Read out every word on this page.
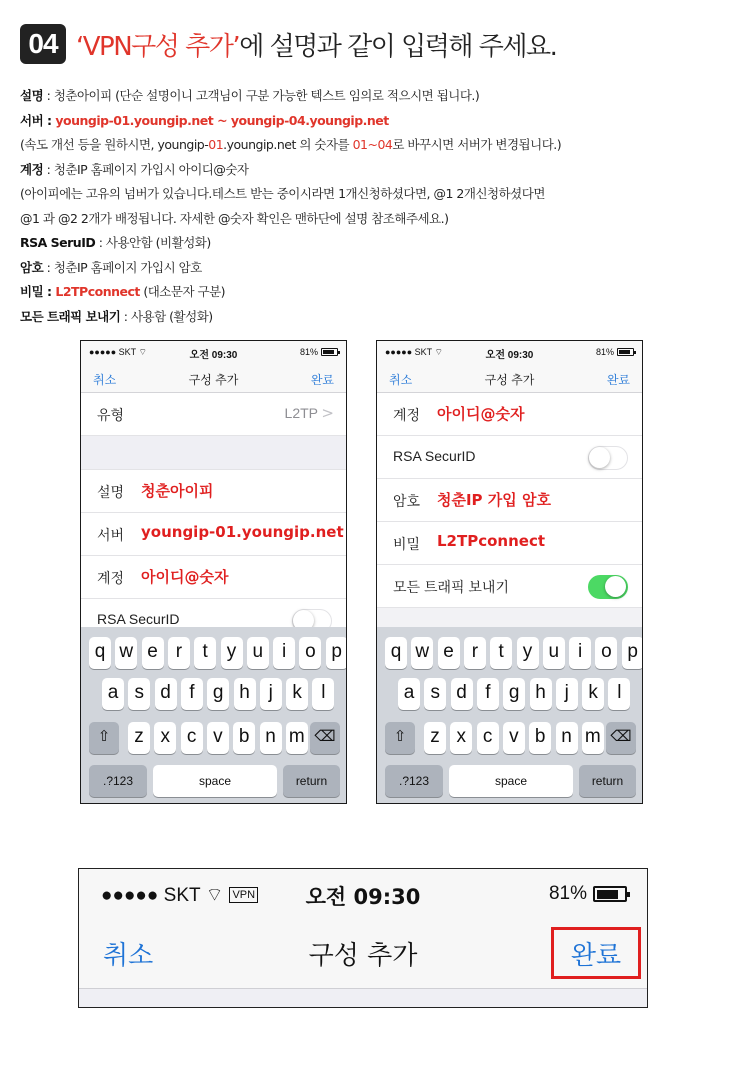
04 ‘VPN구성 추가’에 설명과 같이 입력해 주세요.
설명 : 청춘아이피 (단순 설명이니 고객님이 구분 가능한 텍스트 임의로 적으시면 됩니다.)
서버 : youngip-01.youngip.net ~ youngip-04.youngip.net
(속도 개선 등을 원하시면, youngip-01.youngip.net 의 숫자를 01~04로 바꾸시면 서버가 변경됩니다.)
계정 : 청춘IP 홈페이지 가입시 아이디@숫자
(아이피에는 고유의 넘버가 있습니다.테스트 받는 중이시라면 1개신청하셨다면, @1 2개신청하셨다면
@1 과 @2 2개가 배정됩니다. 자세한 @숫자 확인은 맨하단에 설명 참조해주세요.)
RSA SeruID : 사용안함 (비활성화)
암호 : 청춘IP 홈페이지 가입시 암호
비밀 : L2TPconnect (대소문자 구분)
모든 트래픽 보내기 : 사용함 (활성화)
●●●●● SKT ⌔	오전 09:30	81%
취소	구성 추가	완료
유형	L2TP >
설명 청춘아이피
서버 youngip-01.youngip.net
계정 아이디@숫자
RSA SecurID
q w e r	t y u i o p
a s d f g h j	k	l
⇧	z x c v b n m ⌫
.?123	space	return
●●●●● SKT ⌔	오전 09:30	81%
취소	구성 추가	완료
계정 아이디@숫자
RSA SecurID
암호 청춘IP 가입 암호
비밀 L2TPconnect
모든 트래픽 보내기
q w e r	t y u i o p
a s d f g h j	k	l
⇧	z x c v b n m ⌫
.?123	space	return
●●●●● SKT ⌔ VPN	오전 09:30	81%
취소	구성 추가	완료
